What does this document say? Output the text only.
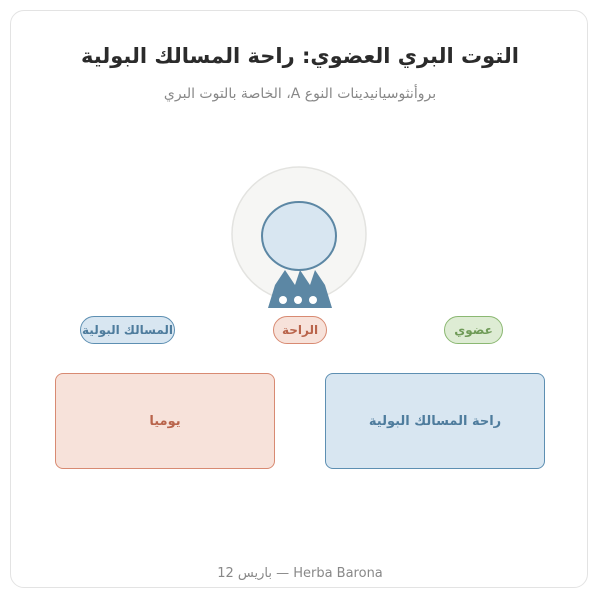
التوت البري العضوي: راحة المسالك البولية
بروأنثوسيانيدينات النوع A، الخاصة بالتوت البري
المسالك البولية	الراحة	عضوي
يوميا	راحة المسالك البولية
Herba Barona — باريس 12
